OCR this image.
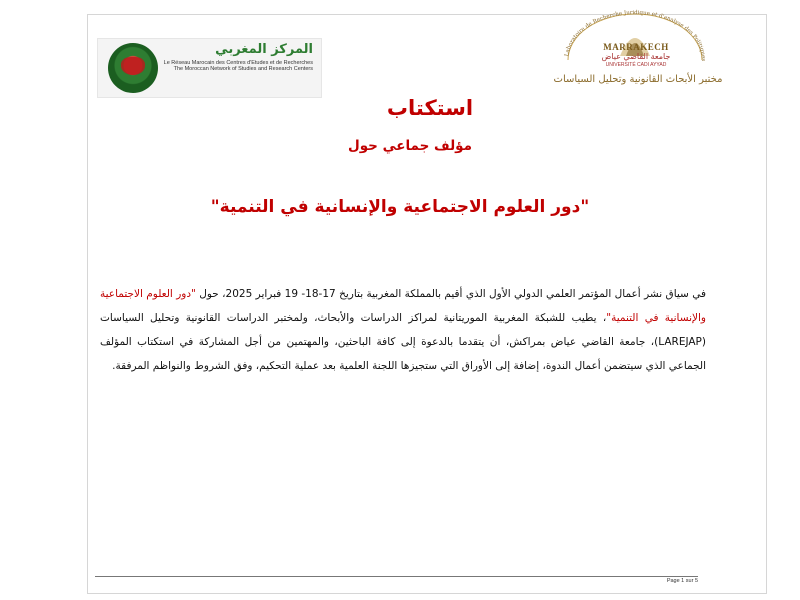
المركز المغربي
Le Réseau Marocain des Centres d'Etudes et de Recherches
The Moroccan Network of Studies and Research Centers
Laboratoire de Recherche Juridique et d'analyse des Politiques
MARRAKECH
جامعة القاضي عياض
UNIVERSITÉ CADI AYYAD
مختبر الأبحاث القانونية وتحليل السياسات
استكتاب
مؤلف جماعي حول
"دور العلوم الاجتماعية والإنسانية في التنمية"
في سياق نشر أعمال المؤتمر العلمي الدولي الأول الذي أقيم بالمملكة المغربية بتاريخ 17-18- 19 فبراير 2025، حول "دور العلوم الاجتماعية والإنسانية في التنمية"، يطيب للشبكة المغربية الموريتانية لمراكز الدراسات والأبحاث، ولمختبر الدراسات القانونية وتحليل السياسات (LAREJAP)، جامعة القاضي عياض بمراكش، أن يتقدما بالدعوة إلى كافة الباحثين، والمهتمين من أجل المشاركة في استكتاب المؤلف الجماعي الذي سيتضمن أعمال الندوة، إضافة إلى الأوراق التي ستجيزها اللجنة العلمية بعد عملية التحكيم، وفق الشروط والنواظم المرفقة.
Page 1 sur 5
